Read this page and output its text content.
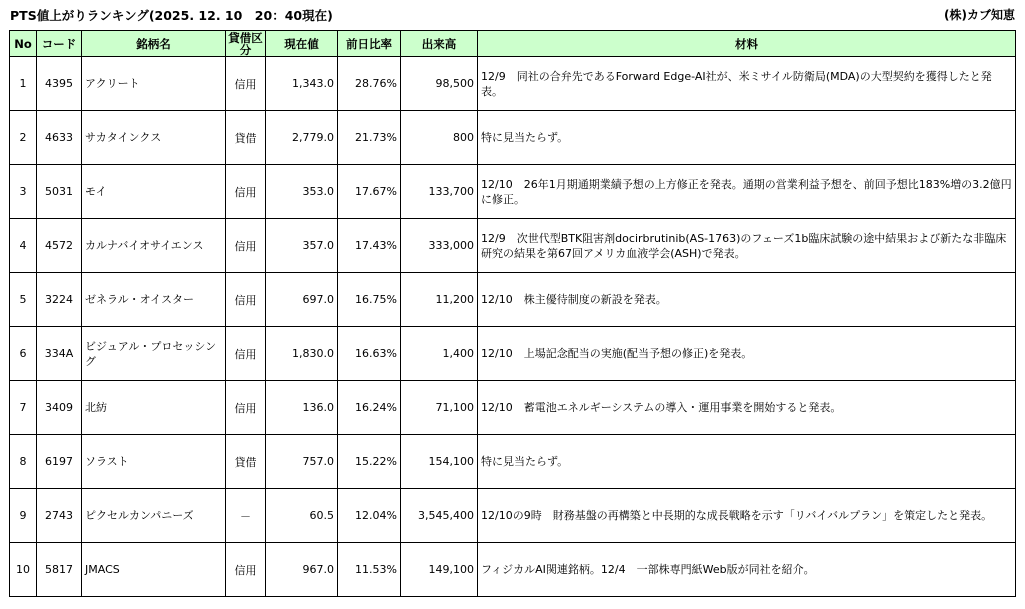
PTS値上がりランキング(2025. 12. 10　20：40現在)	(株)カブ知恵
No	コード	銘柄名	貸借区分	現在値	前日比率	出来高	材料
1	4395	アクリート	信用	1,343.0	28.76%	98,500	12/9　同社の合弁先であるForward Edge-AI社が、米ミサイル防衛局(MDA)の大型契約を獲得したと発表。
2	4633	サカタインクス	貸借	2,779.0	21.73%	800	特に見当たらず。
3	5031	モイ	信用	353.0	17.67%	133,700	12/10　26年1月期通期業績予想の上方修正を発表。通期の営業利益予想を、前回予想比183%増の3.2億円に修正。
4	4572	カルナバイオサイエンス	信用	357.0	17.43%	333,000	12/9　次世代型BTK阻害剤docirbrutinib(AS-1763)のフェーズ1b臨床試験の途中結果および新たな非臨床研究の結果を第67回アメリカ血液学会(ASH)で発表。
5	3224	ゼネラル・オイスター	信用	697.0	16.75%	11,200	12/10　株主優待制度の新設を発表。
6	334A	ビジュアル・プロセッシング	信用	1,830.0	16.63%	1,400	12/10　上場記念配当の実施(配当予想の修正)を発表。
7	3409	北紡	信用	136.0	16.24%	71,100	12/10　蓄電池エネルギーシステムの導入・運用事業を開始すると発表。
8	6197	ソラスト	貸借	757.0	15.22%	154,100	特に見当たらず。
9	2743	ピクセルカンパニーズ	－	60.5	12.04%	3,545,400	12/10の9時　財務基盤の再構築と中長期的な成長戦略を示す「リバイバルプラン」を策定したと発表。
10	5817	JMACS	信用	967.0	11.53%	149,100	フィジカルAI関連銘柄。12/4　一部株専門紙Web版が同社を紹介。
